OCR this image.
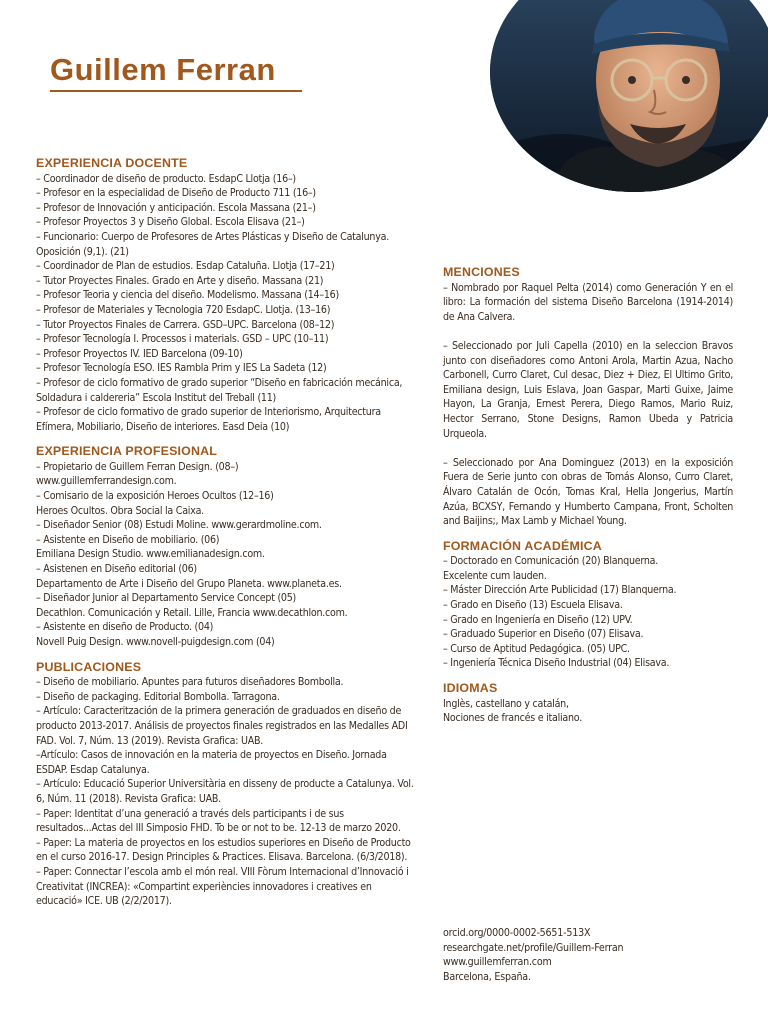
Guillem Ferran
EXPERIENCIA DOCENTE
– Coordinador de diseño de producto. EsdapC Llotja (16–)
– Profesor en la especialidad de Diseño de Producto 711 (16–)
– Profesor de Innovación y anticipación. Escola Massana (21–)
– Profesor Proyectos 3 y Diseño Global. Escola Elisava (21–)
– Funcionario: Cuerpo de Profesores de Artes Plásticas y Diseño de Catalunya. Oposición (9,1). (21)
– Coordinador de Plan de estudios. Esdap Cataluña. Llotja (17–21)
– Tutor Proyectes Finales. Grado en Arte y diseño. Massana (21)
– Profesor Teoria y ciencia del diseño. Modelismo. Massana (14–16)
– Profesor de Materiales y Tecnologia 720 EsdapC. Llotja. (13–16)
– Tutor Proyectos Finales de Carrera. GSD–UPC. Barcelona (08–12)
– Profesor Tecnología I. Processos i materials. GSD – UPC (10–11)
– Profesor Proyectos IV. IED Barcelona (09-10)
– Profesor Tecnología ESO. IES Rambla Prim y IES La Sadeta (12)
– Profesor de ciclo formativo de grado superior “Diseño en fabricación mecánica, Soldadura i caldereria” Escola Institut del Treball (11)
– Profesor de ciclo formativo de grado superior de Interiorismo, Arquitectura Efímera, Mobiliario, Diseño de interiores. Easd Deia (10)
EXPERIENCIA PROFESIONAL
– Propietario de Guillem Ferran Design. (08–)
www.guillemferrandesign.com.
– Comisario de la exposición Heroes Ocultos (12–16)
Heroes Ocultos. Obra Social la Caixa.
– Diseñador Senior (08) Estudi Moline. www.gerardmoline.com.
– Asistente en Diseño de mobiliario. (06)
Emiliana Design Studio. www.emilianadesign.com.
– Asistenen en Diseño editorial (06)
Departamento de Arte i Diseño del Grupo Planeta. www.planeta.es.
– Diseñador Junior al Departamento Service Concept (05)
Decathlon. Comunicación y Retail. Lille, Francia www.decathlon.com.
– Asistente en diseño de Producto. (04)
Novell Puig Design. www.novell-puigdesign.com (04)
PUBLICACIONES
– Diseño de mobiliario. Apuntes para futuros diseñadores Bombolla.
– Diseño de packaging. Editorial Bombolla. Tarragona.
– Artículo: Caracteritzación de la primera generación de graduados en diseño de producto 2013-2017. Análisis de proyectos finales registrados en las Medalles ADI FAD. Vol. 7, Núm. 13 (2019). Revista Grafica: UAB.
–Artículo: Casos de innovación en la materia de proyectos en Diseño. Jornada ESDAP. Esdap Catalunya.
– Artículo: Educació Superior Universitària en disseny de producte a Catalunya. Vol. 6, Núm. 11 (2018). Revista Grafica: UAB.
– Paper: Identitat d’una generació a través dels participants i de sus resultados...Actas del III Simposio FHD. To be or not to be. 12-13 de marzo 2020.
– Paper: La materia de proyectos en los estudios superiores en Diseño de Producto en el curso 2016-17. Design Principles & Practices. Elisava. Barcelona. (6/3/2018).
– Paper: Connectar l’escola amb el món real. VIII Fòrum Internacional d’Innovació i Creativitat (INCREA): «Compartint experiències innovadores i creatives en educació» ICE. UB (2/2/2017).
MENCIONES
– Nombrado por Raquel Pelta (2014) como Generación Y en el libro: La formación del sistema Diseño Barcelona (1914-2014) de Ana Calvera.
– Seleccionado por Juli Capella (2010) en la seleccion Bravos junto con diseñadores como Antoni Arola, Martin Azua, Nacho Carbonell, Curro Claret, Cul desac, Diez + Diez, El Ultimo Grito, Emiliana design, Luis Eslava, Joan Gaspar, Marti Guixe, Jaime Hayon, La Granja, Ernest Perera, Diego Ramos, Mario Ruiz, Hector Serrano, Stone Designs, Ramon Ubeda y Patricia Urqueola.
– Seleccionado por Ana Dominguez (2013) en la exposición Fuera de Serie junto con obras de Tomás Alonso, Curro Claret, Álvaro Catalán de Ocón, Tomas Kral, Hella Jongerius, Martín Azúa, BCXSY, Fernando y Humberto Campana, Front, Scholten and Baijins;, Max Lamb y Michael Young.
FORMACIÓN ACADÉMICA
– Doctorado en Comunicación (20) Blanquerna.
Excelente cum lauden.
– Máster Dirección Arte Publicidad (17) Blanquerna.
– Grado en Diseño (13) Escuela Elisava.
– Grado en Ingeniería en Diseño (12) UPV.
– Graduado Superior en Diseño (07) Elisava.
– Curso de Aptitud Pedagógica. (05) UPC.
– Ingeniería Técnica Diseño Industrial (04) Elisava.
IDIOMAS
Inglès, castellano y catalán,
Nociones de francés e italiano.
orcid.org/0000-0002-5651-513X
researchgate.net/profile/Guillem-Ferran
www.guillemferran.com
Barcelona, España.
